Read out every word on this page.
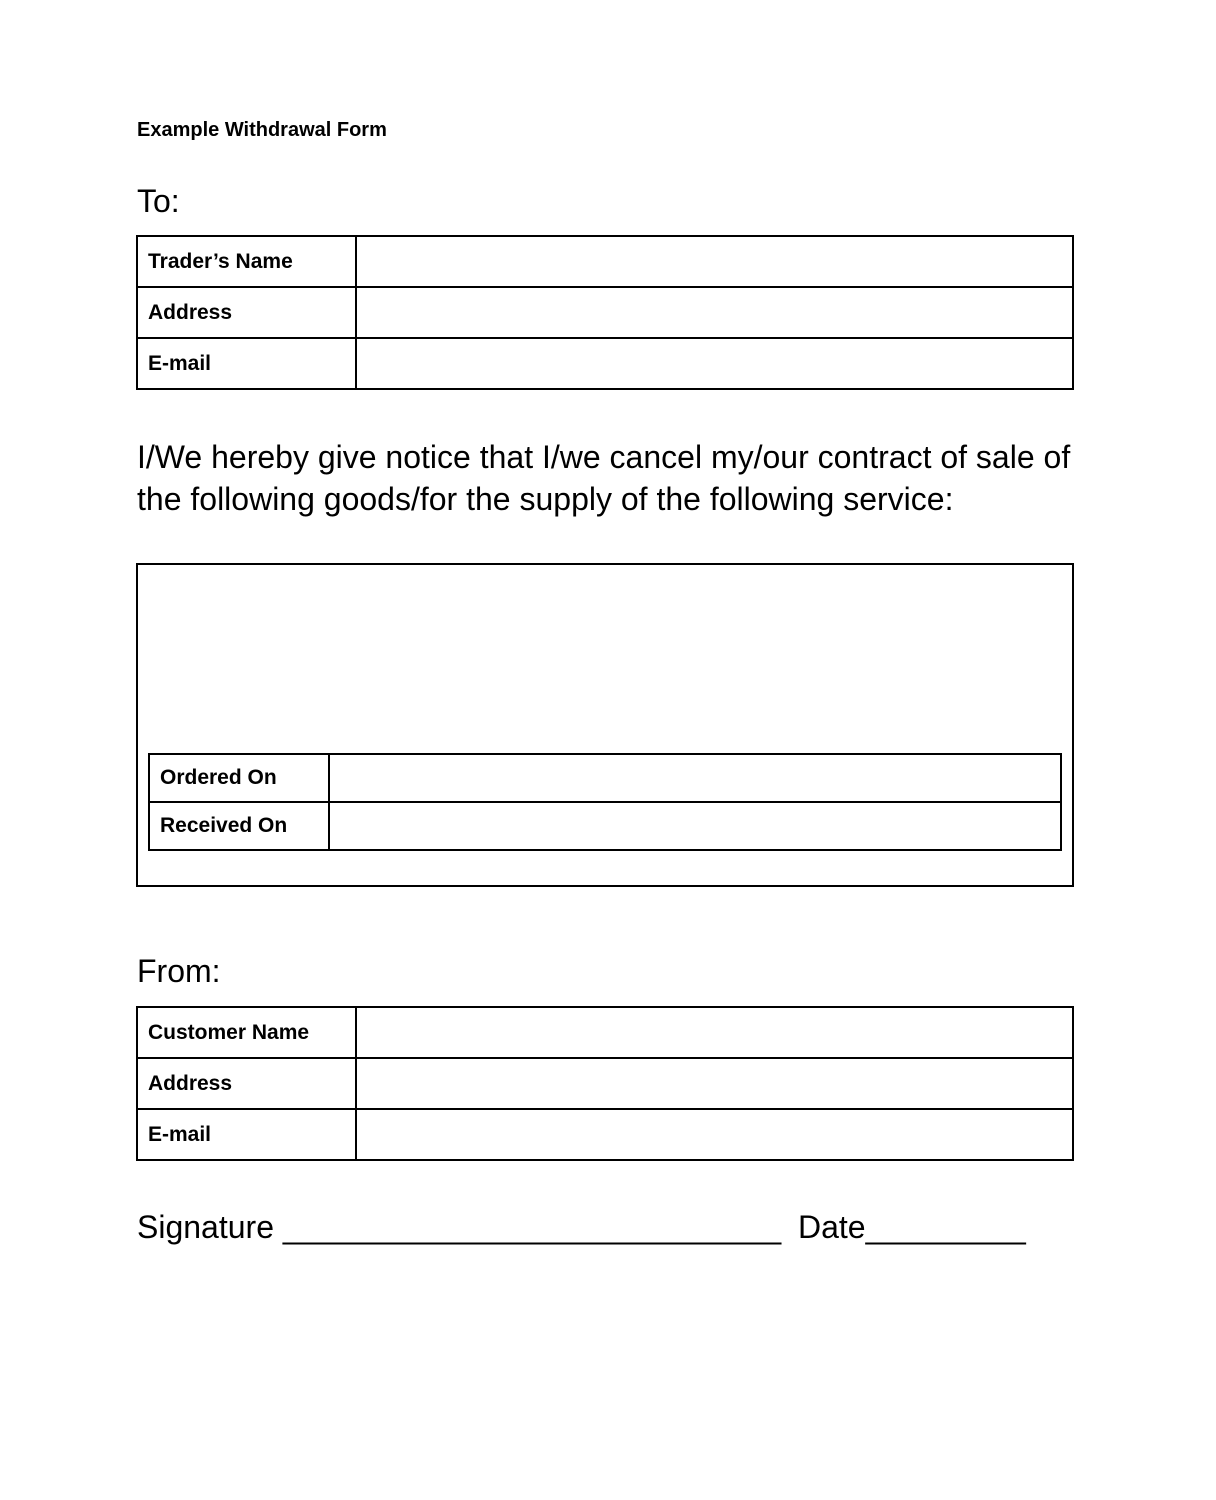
Example Withdrawal Form

To:

Trader’s Name	
Address	
E-mail	

I/We hereby give notice that I/we cancel my/our contract of sale of the following goods/for the supply of the following service:

Ordered On	
Received On	

From:

Customer Name	
Address	
E-mail	

Signature ____________________________ Date_________
